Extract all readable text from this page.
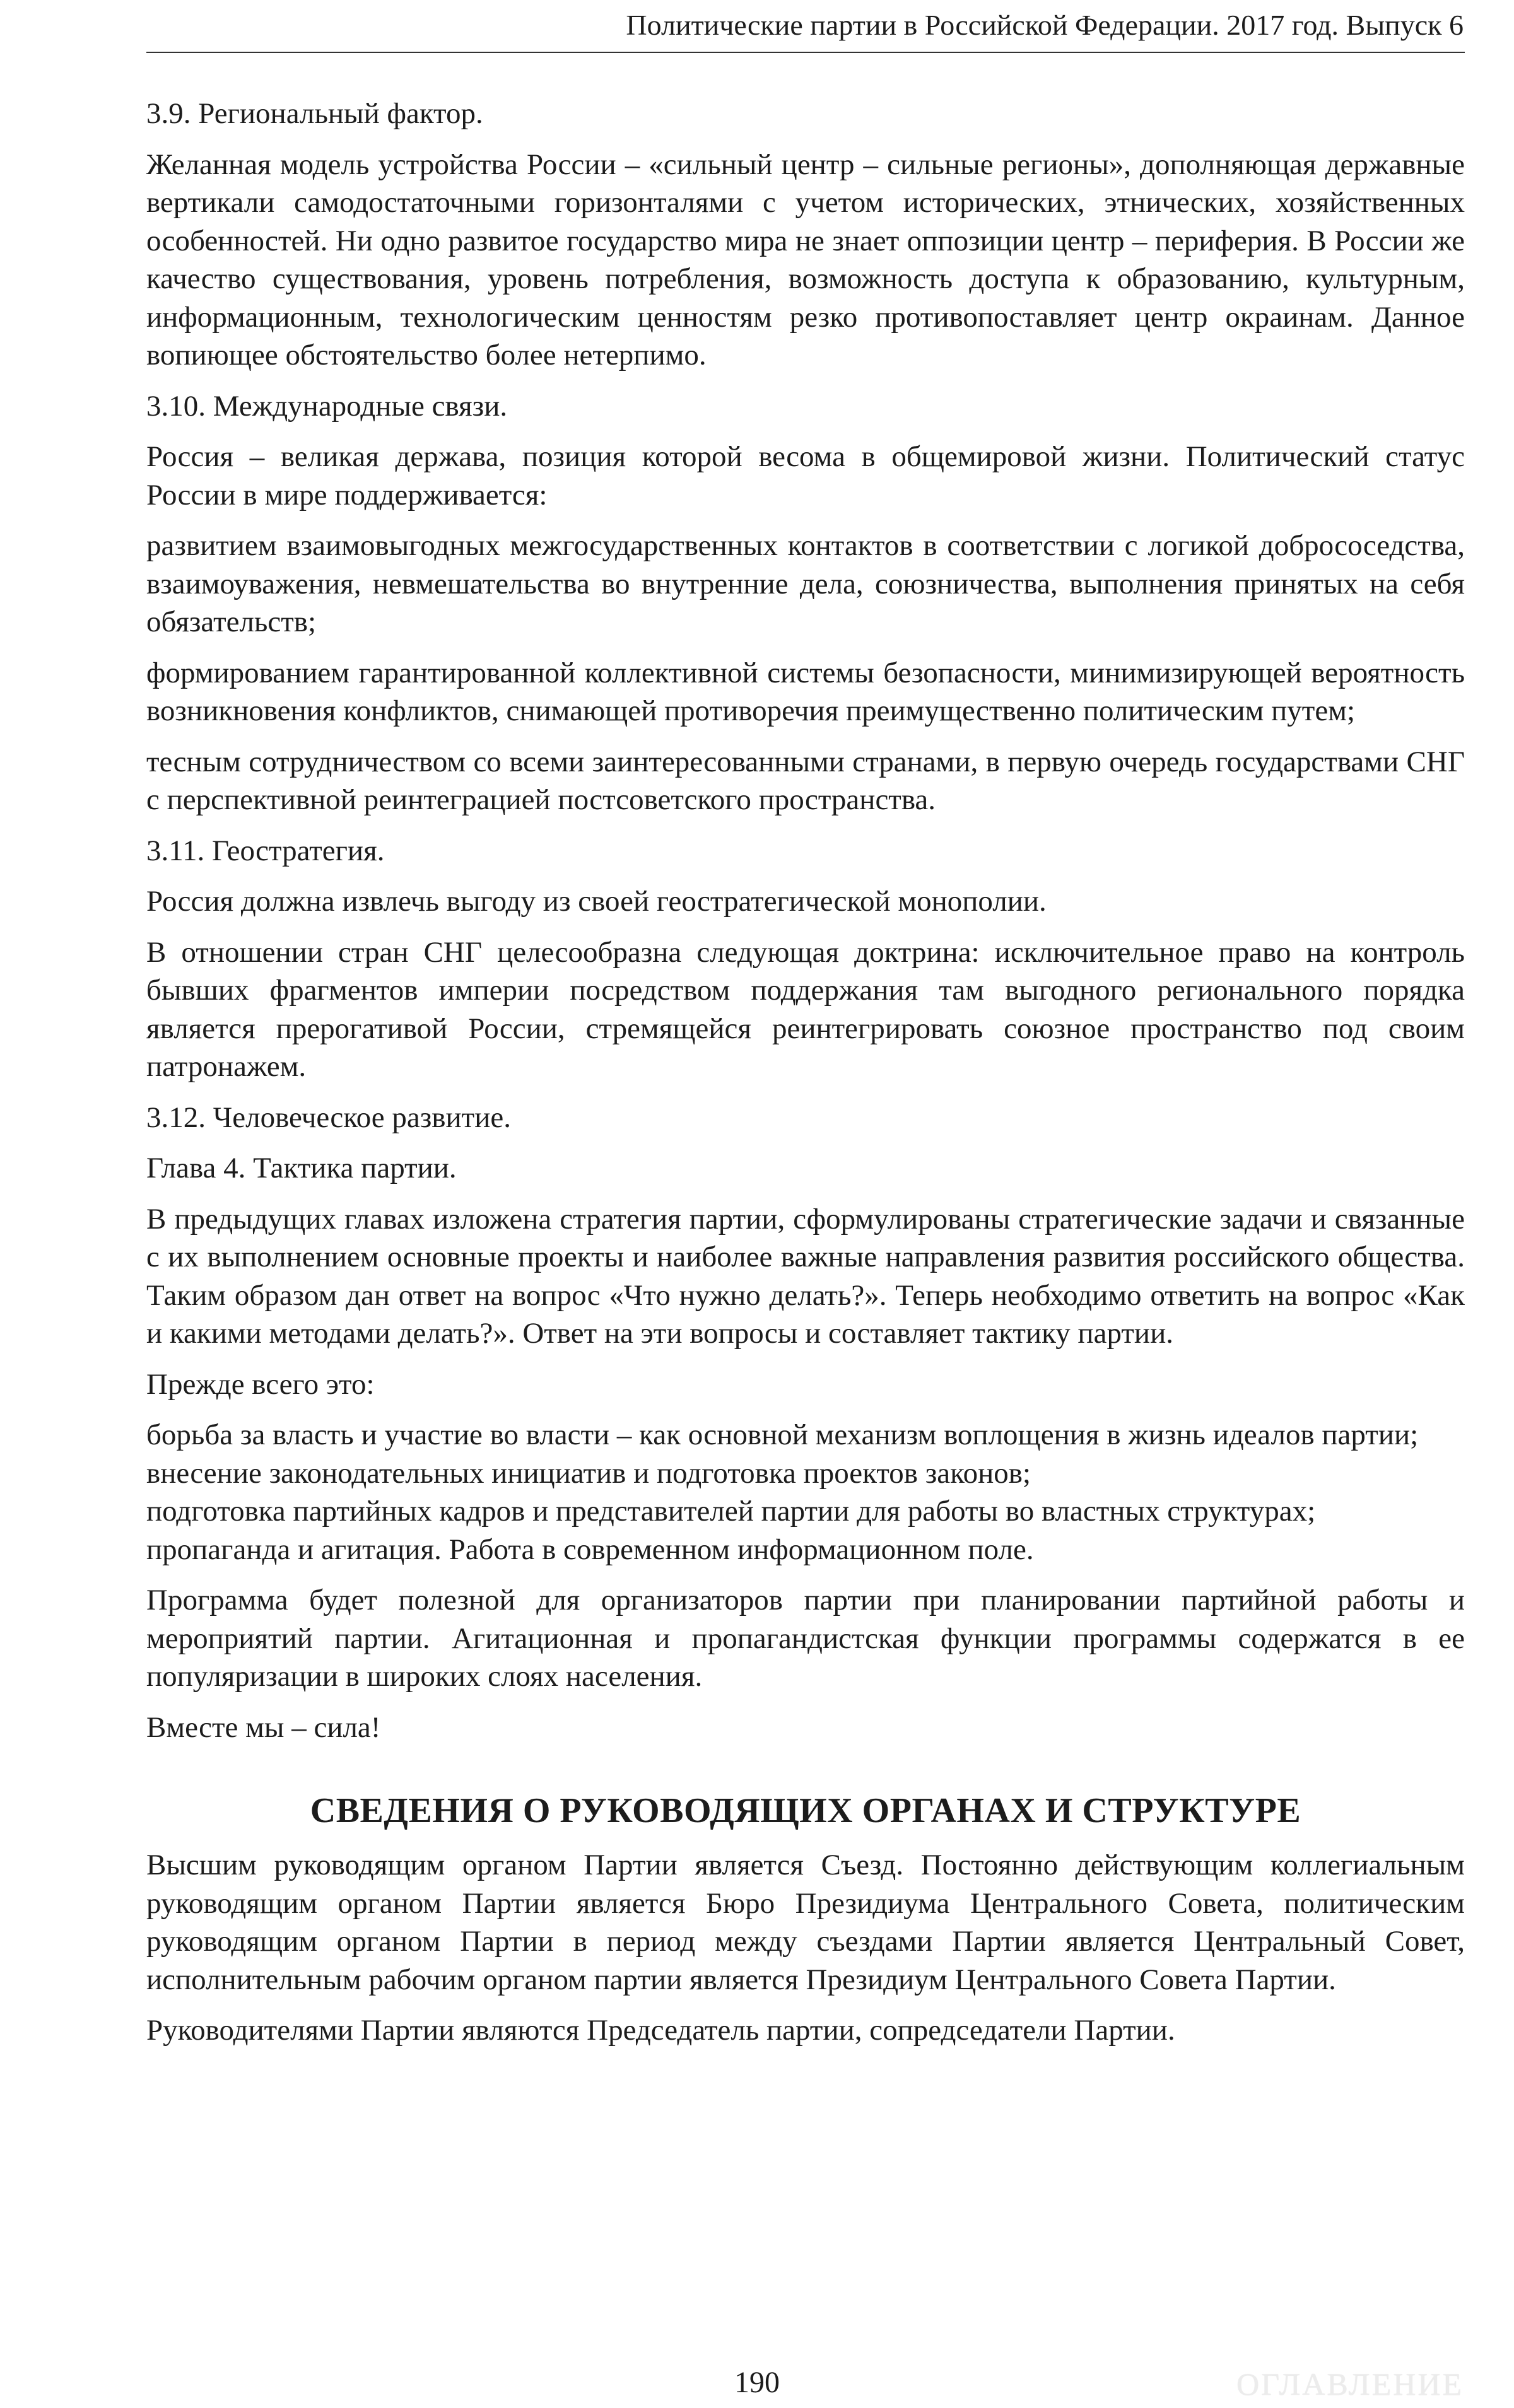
Политические партии в Российской Федерации. 2017 год. Выпуск 6

3.9. Региональный фактор.

Желанная модель устройства России – «сильный центр – сильные регионы», дополняющая державные вертикали самодостаточными горизонталями с учетом исторических, этнических, хозяйственных особенностей. Ни одно развитое государство мира не знает оппозиции центр – периферия. В России же качество существования, уровень потребления, возможность доступа к образованию, культурным, информационным, технологическим ценностям резко противопоставляет центр окраинам. Данное вопиющее обстоятельство более нетерпимо.

3.10. Международные связи.

Россия – великая держава, позиция которой весома в общемировой жизни. Политический статус России в мире поддерживается:

развитием взаимовыгодных межгосударственных контактов в соответствии с логикой добрососедства, взаимоуважения, невмешательства во внутренние дела, союзничества, выполнения принятых на себя обязательств;

формированием гарантированной коллективной системы безопасности, минимизирующей вероятность возникновения конфликтов, снимающей противоречия преимущественно политическим путем;

тесным сотрудничеством со всеми заинтересованными странами, в первую очередь государствами СНГ с перспективной реинтеграцией постсоветского пространства.

3.11. Геостратегия.

Россия должна извлечь выгоду из своей геостратегической монополии.

В отношении стран СНГ целесообразна следующая доктрина: исключительное право на контроль бывших фрагментов империи посредством поддержания там выгодного регионального порядка является прерогативой России, стремящейся реинтегрировать союзное пространство под своим патронажем.

3.12. Человеческое развитие.

Глава 4. Тактика партии.

В предыдущих главах изложена стратегия партии, сформулированы стратегические задачи и связанные с их выполнением основные проекты и наиболее важные направления развития российского общества. Таким образом дан ответ на вопрос «Что нужно делать?». Теперь необходимо ответить на вопрос «Как и какими методами делать?». Ответ на эти вопросы и составляет тактику партии.

Прежде всего это:

борьба за власть и участие во власти – как основной механизм воплощения в жизнь идеалов партии;

внесение законодательных инициатив и подготовка проектов законов;

подготовка партийных кадров и представителей партии для работы во властных структурах;

пропаганда и агитация. Работа в современном информационном поле.

Программа будет полезной для организаторов партии при планировании партийной работы и мероприятий партии. Агитационная и пропагандистская функции программы содержатся в ее популяризации в широких слоях населения.

Вместе мы – сила!

СВЕДЕНИЯ О РУКОВОДЯЩИХ ОРГАНАХ И СТРУКТУРЕ

Высшим руководящим органом Партии является Съезд. Постоянно действующим коллегиальным руководящим органом Партии является Бюро Президиума Центрального Совета, политическим руководящим органом Партии в период между съездами Партии является Центральный Совет, исполнительным рабочим органом партии является Президиум Центрального Совета Партии.

Руководителями Партии являются Председатель партии, сопредседатели Партии.

190	ОГЛАВЛЕНИЕ
